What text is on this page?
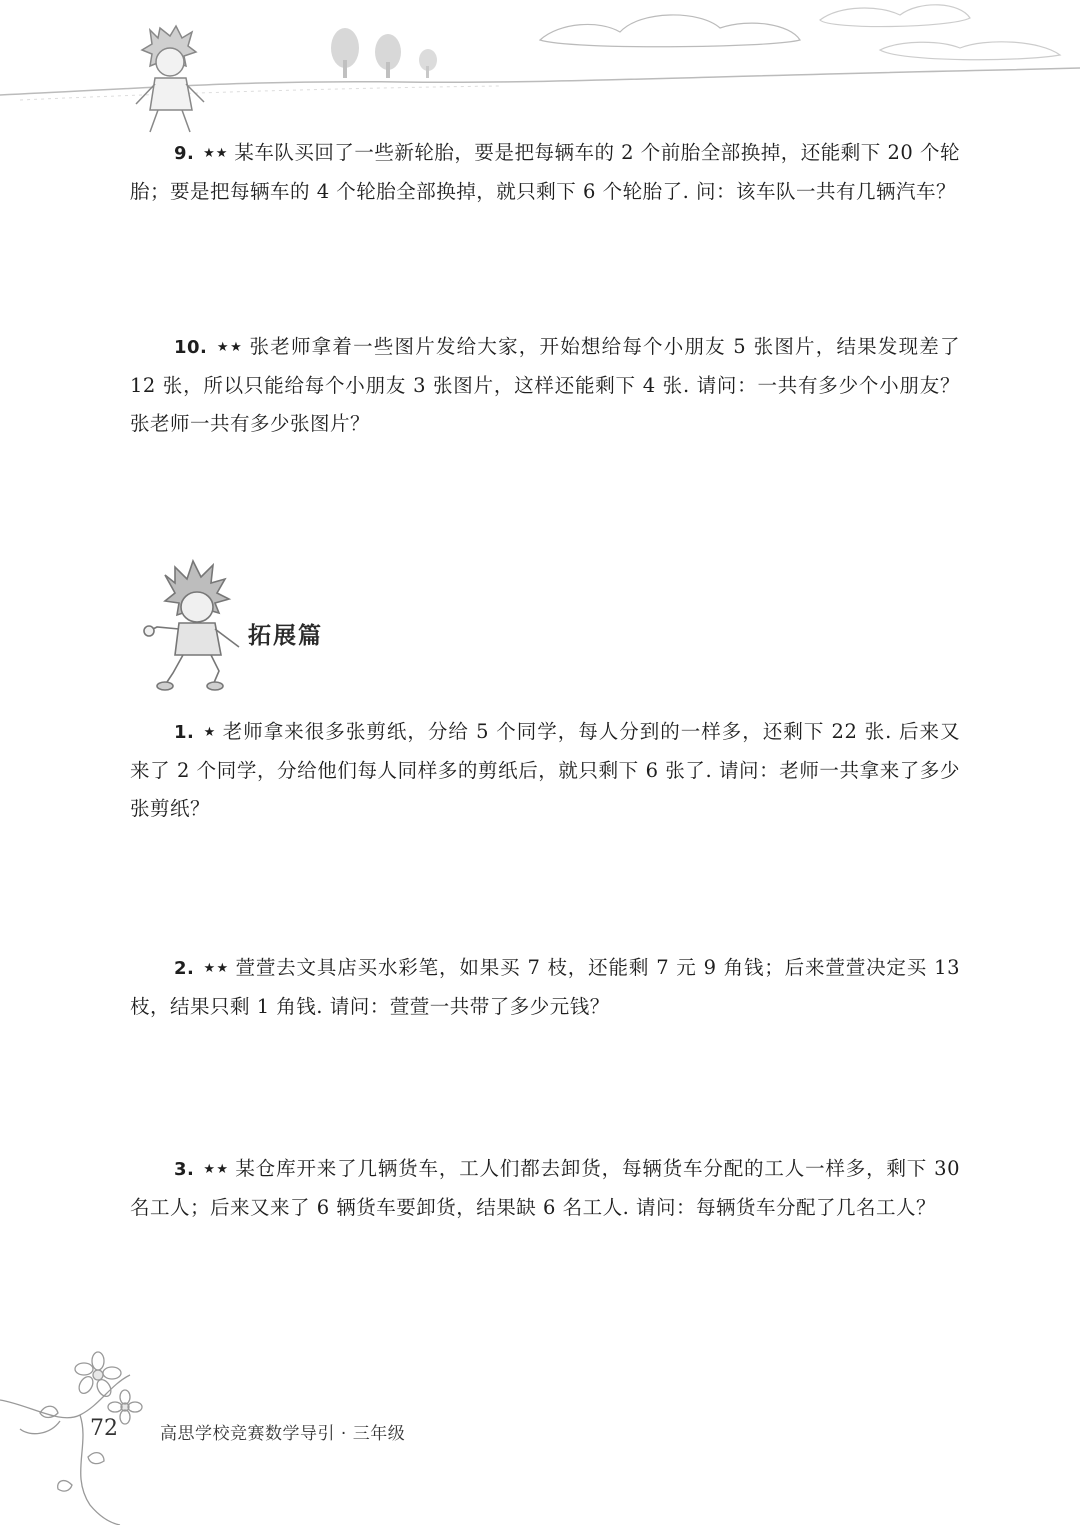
9. ★★ 某车队买回了一些新轮胎，要是把每辆车的 2 个前胎全部换掉，还能剩下 20 个轮胎；要是把每辆车的 4 个轮胎全部换掉，就只剩下 6 个轮胎了. 问：该车队一共有几辆汽车？
10. ★★ 张老师拿着一些图片发给大家，开始想给每个小朋友 5 张图片，结果发现差了 12 张，所以只能给每个小朋友 3 张图片，这样还能剩下 4 张. 请问：一共有多少个小朋友？ 张老师一共有多少张图片？
拓展篇
1. ★ 老师拿来很多张剪纸，分给 5 个同学，每人分到的一样多，还剩下 22 张. 后来又来了 2 个同学，分给他们每人同样多的剪纸后，就只剩下 6 张了. 请问：老师一共拿来了多少张剪纸？
2. ★★ 萱萱去文具店买水彩笔，如果买 7 枝，还能剩 7 元 9 角钱；后来萱萱决定买 13 枝，结果只剩 1 角钱. 请问：萱萱一共带了多少元钱？
3. ★★ 某仓库开来了几辆货车，工人们都去卸货，每辆货车分配的工人一样多，剩下 30 名工人；后来又来了 6 辆货车要卸货，结果缺 6 名工人. 请问：每辆货车分配了几名工人？
72 高思学校竞赛数学导引 · 三年级
